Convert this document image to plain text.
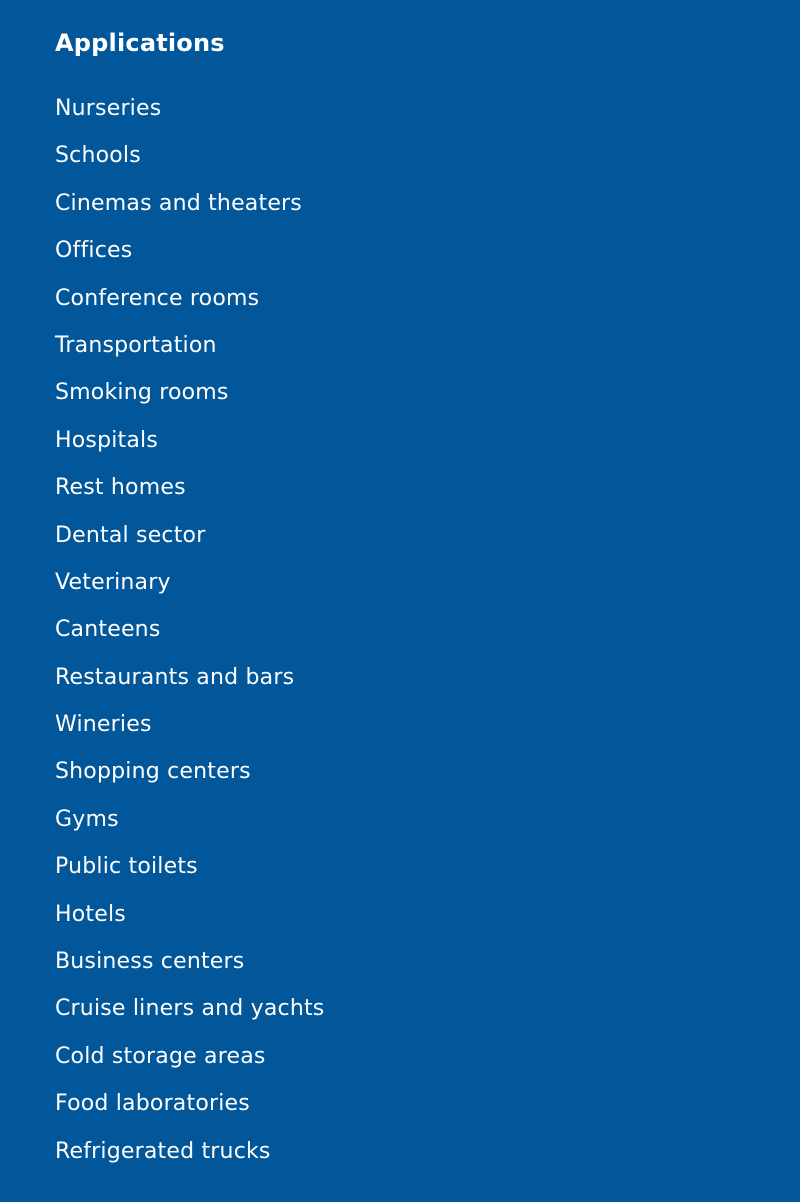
Applications
Nurseries
Schools
Cinemas and theaters
Offices
Conference rooms
Transportation
Smoking rooms
Hospitals
Rest homes
Dental sector
Veterinary
Canteens
Restaurants and bars
Wineries
Shopping centers
Gyms
Public toilets
Hotels
Business centers
Cruise liners and yachts
Cold storage areas
Food laboratories
Refrigerated trucks
